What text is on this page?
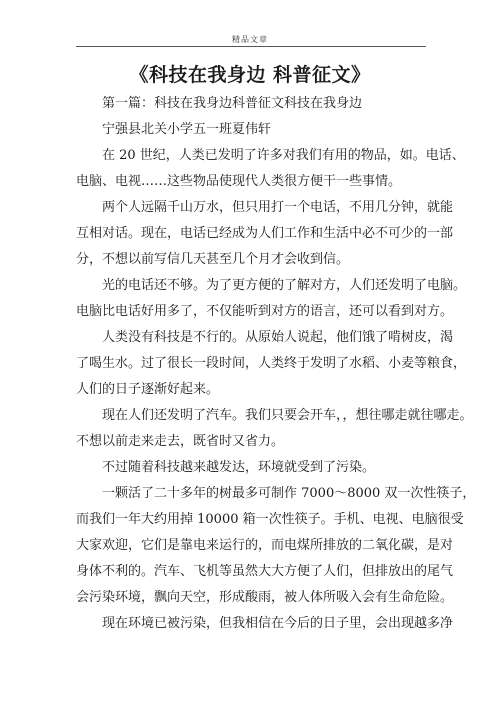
精品文章
《科技在我身边 科普征文》
第一篇：科技在我身边科普征文科技在我身边
宁强县北关小学五一班夏伟轩
在 20 世纪，人类已发明了许多对我们有用的物品，如。电话、
电脑、电视……这些物品使现代人类很方便干一些事情。
两个人远隔千山万水，但只用打一个电话，不用几分钟，就能
互相对话。现在，电话已经成为人们工作和生活中必不可少的一部
分，不想以前写信几天甚至几个月才会收到信。
光的电话还不够。为了更方便的了解对方，人们还发明了电脑。
电脑比电话好用多了，不仅能听到对方的语言，还可以看到对方。
人类没有科技是不行的。从原始人说起，他们饿了啃树皮，渴
了喝生水。过了很长一段时间，人类终于发明了水稻、小麦等粮食，
人们的日子逐渐好起来。
现在人们还发明了汽车。我们只要会开车，，想往哪走就往哪走。
不想以前走来走去，既省时又省力。
不过随着科技越来越发达，环境就受到了污染。
一颗活了二十多年的树最多可制作 7000～8000 双一次性筷子，
而我们一年大约用掉 10000 箱一次性筷子。手机、电视、电脑很受
大家欢迎，它们是靠电来运行的，而电煤所排放的二氧化碳，是对
身体不利的。汽车、飞机等虽然大大方便了人们，但排放出的尾气
会污染环境，飘向天空，形成酸雨，被人体所吸入会有生命危险。
现在环境已被污染，但我相信在今后的日子里，会出现越多净
